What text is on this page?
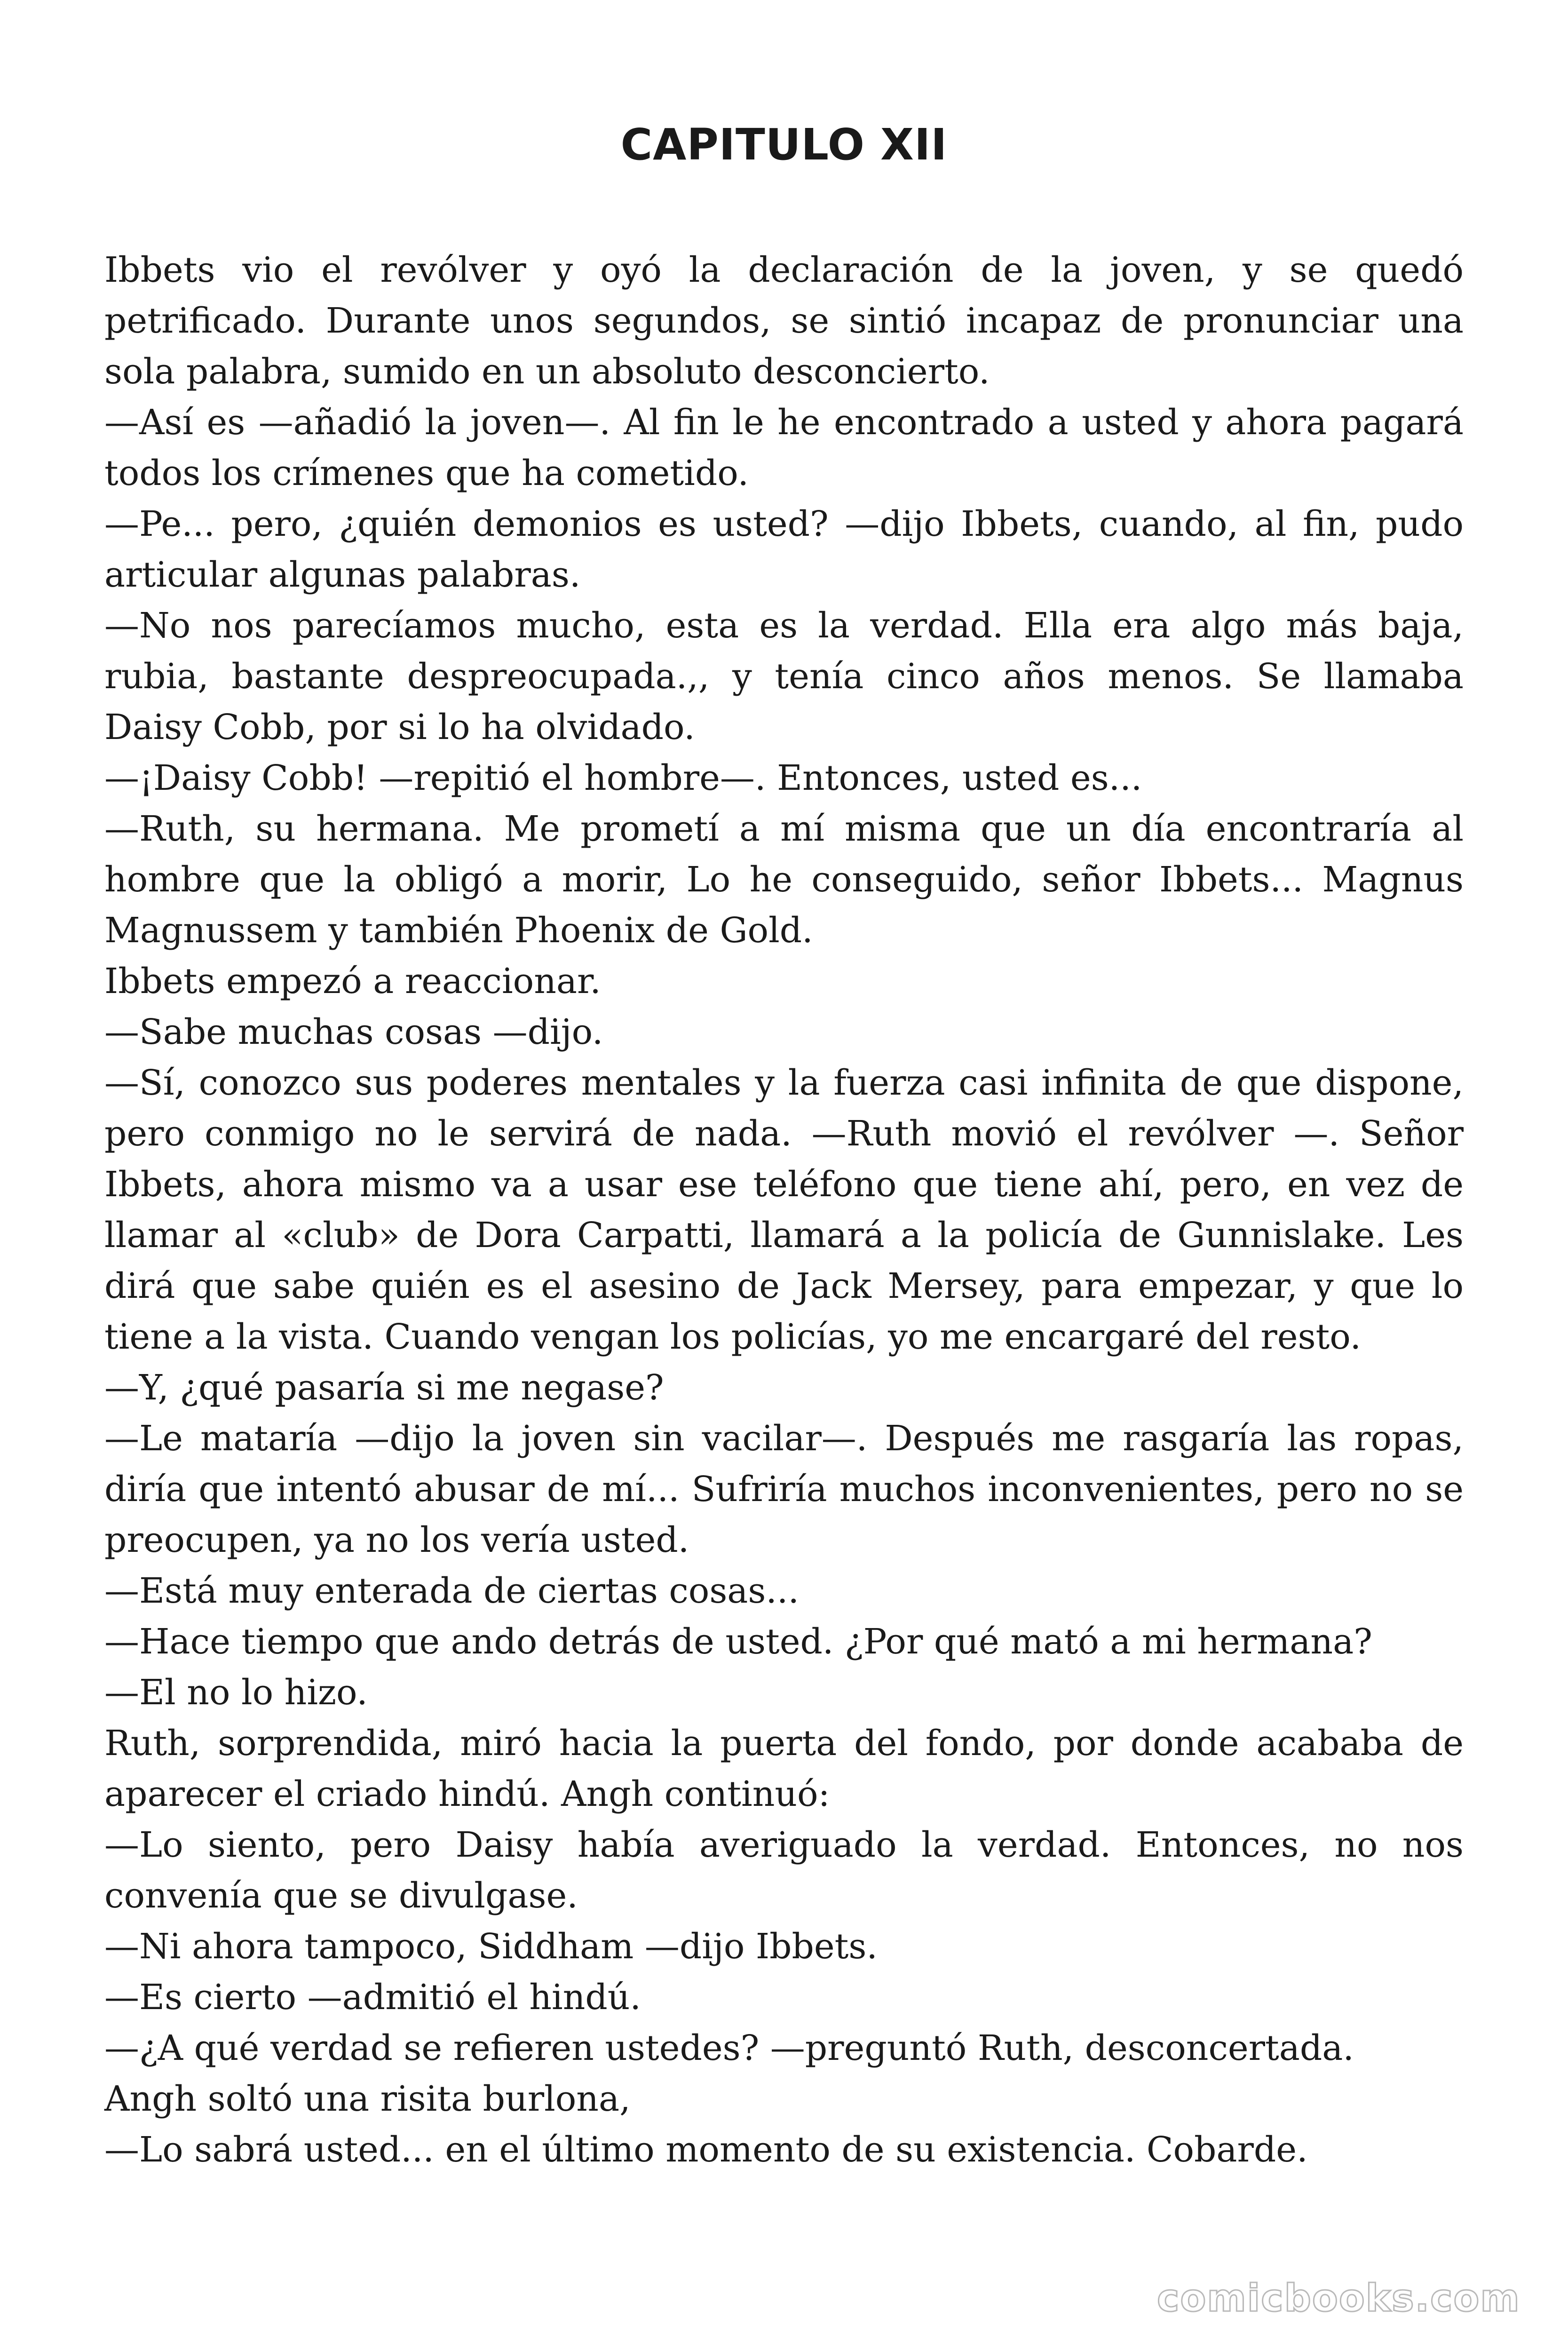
CAPITULO XII

Ibbets vio el revólver y oyó la declaración de la joven, y se quedó petrificado. Durante unos segundos, se sintió incapaz de pronunciar una sola palabra, sumido en un absoluto desconcierto.

—Así es —añadió la joven—. Al fin le he encontrado a usted y ahora pagará todos los crímenes que ha cometido.

—Pe... pero, ¿quién demonios es usted? —dijo Ibbets, cuando, al fin, pudo articular algunas palabras.

—No nos parecíamos mucho, esta es la verdad. Ella era algo más baja, rubia, bastante despreocupada.,, y tenía cinco años menos. Se llamaba Daisy Cobb, por si lo ha olvidado.

—¡Daisy Cobb! —repitió el hombre—. Entonces, usted es...

—Ruth, su hermana. Me prometí a mí misma que un día encontraría al hombre que la obligó a morir, Lo he conseguido, señor Ibbets... Magnus Magnussem y también Phoenix de Gold.

Ibbets empezó a reaccionar.

—Sabe muchas cosas —dijo.

—Sí, conozco sus poderes mentales y la fuerza casi infinita de que dispone, pero conmigo no le servirá de nada. —Ruth movió el revólver —. Señor Ibbets, ahora mismo va a usar ese teléfono que tiene ahí, pero, en vez de llamar al «club» de Dora Carpatti, llamará a la policía de Gunnislake. Les dirá que sabe quién es el asesino de Jack Mersey, para empezar, y que lo tiene a la vista. Cuando vengan los policías, yo me encargaré del resto.

—Y, ¿qué pasaría si me negase?

—Le mataría —dijo la joven sin vacilar—. Después me rasgaría las ropas, diría que intentó abusar de mí... Sufriría muchos inconvenientes, pero no se preocupen, ya no los vería usted.

—Está muy enterada de ciertas cosas...

—Hace tiempo que ando detrás de usted. ¿Por qué mató a mi hermana?

—El no lo hizo.

Ruth, sorprendida, miró hacia la puerta del fondo, por donde acababa de aparecer el criado hindú. Angh continuó:

—Lo siento, pero Daisy había averiguado la verdad. Entonces, no nos convenía que se divulgase.

—Ni ahora tampoco, Siddham —dijo Ibbets.

—Es cierto —admitió el hindú.

—¿A qué verdad se refieren ustedes? —preguntó Ruth, desconcertada.

Angh soltó una risita burlona,

—Lo sabrá usted... en el último momento de su existencia. Cobarde.

comicbooks.com
